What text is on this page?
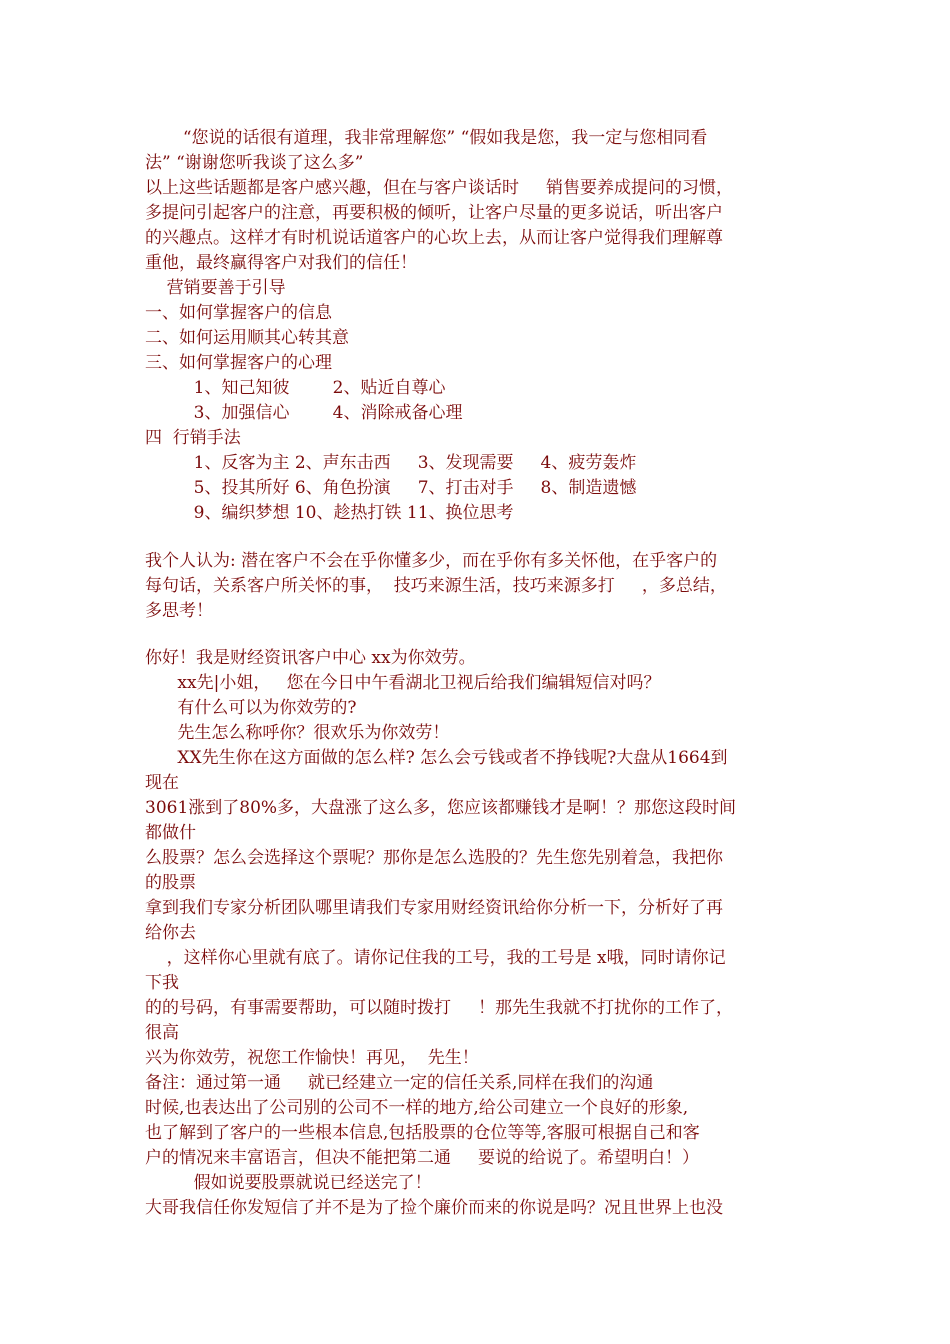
“您说的话很有道理，我非常理解您” “假如我是您，我一定与您相同看
法” “谢谢您听我谈了这么多”
以上这些话题都是客户感兴趣，但在与客户谈话时     销售要养成提问的习惯，
多提问引起客户的注意，再要积极的倾听，让客户尽量的更多说话，听出客户
的兴趣点。这样才有时机说话道客户的心坎上去，从而让客户觉得我们理解尊
重他，最终赢得客户对我们的信任！
营销要善于引导
一、如何掌握客户的信息
二、如何运用顺其心转其意
三、如何掌握客户的心理
1、知己知彼        2、贴近自尊心
3、加强信心        4、消除戒备心理
四  行销手法
1、反客为主 2、声东击西     3、发现需要     4、疲劳轰炸
5、投其所好 6、角色扮演     7、打击对手     8、制造遗憾
9、编织梦想 10、趁热打铁 11、换位思考
我个人认为: 潜在客户不会在乎你懂多少，而在乎你有多关怀他，在乎客户的
每句话，关系客户所关怀的事，  技巧来源生活，技巧来源多打     ，多总结，
多思考！
你好！我是财经资讯客户中心 xx为你效劳。
xx先|小姐，   您在今日中午看湖北卫视后给我们编辑短信对吗？
有什么可以为你效劳的?
先生怎么称呼你？很欢乐为你效劳！
XX先生你在这方面做的怎么样? 怎么会亏钱或者不挣钱呢?大盘从1664到
现在
3061涨到了80%多，大盘涨了这么多，您应该都赚钱才是啊！？那您这段时间
都做什
么股票？怎么会选择这个票呢？那你是怎么选股的？先生您先别着急，我把你
的股票
拿到我们专家分析团队哪里请我们专家用财经资讯给你分析一下，分析好了再
给你去
，这样你心里就有底了。请你记住我的工号，我的工号是 x哦，同时请你记
下我
的的号码，有事需要帮助，可以随时拨打     ！那先生我就不打扰你的工作了，
很高
兴为你效劳，祝您工作愉快！再见，  先生！
备注：通过第一通     就已经建立一定的信任关系,同样在我们的沟通
时候,也表达出了公司别的公司不一样的地方,给公司建立一个良好的形象,
也了解到了客户的一些根本信息,包括股票的仓位等等,客服可根据自己和客
户的情况来丰富语言，但决不能把第二通     要说的给说了。希望明白！）
假如说要股票就说已经送完了！
大哥我信任你发短信了并不是为了捡个廉价而来的你说是吗？况且世界上也没
